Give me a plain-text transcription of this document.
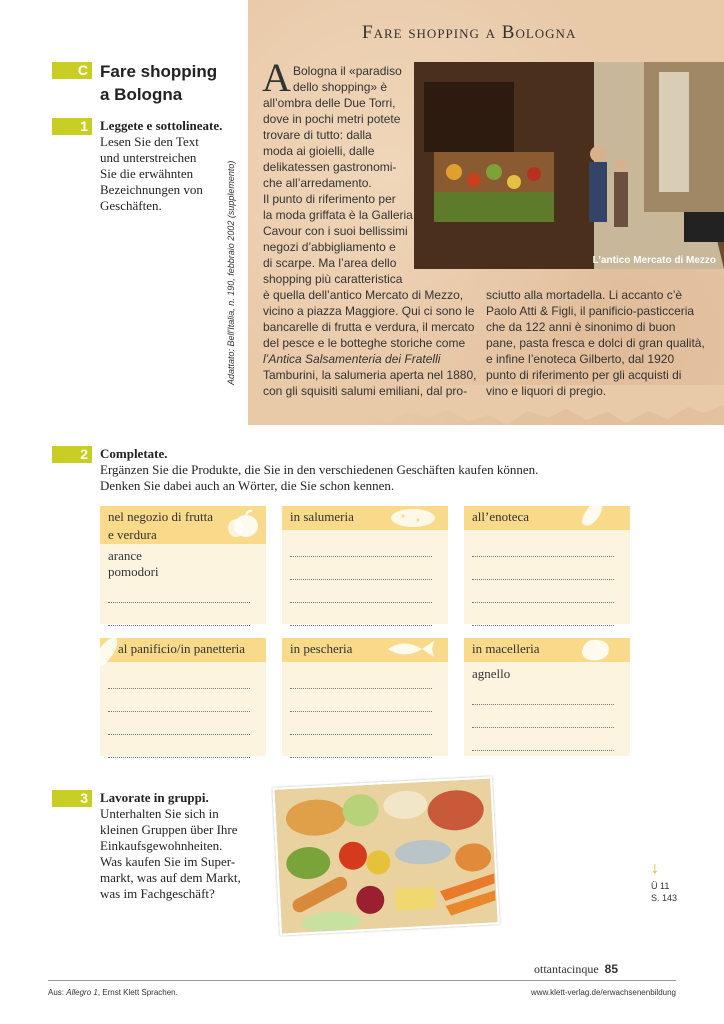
Fare shopping a Bologna
C Fare shopping
a Bologna
1 Leggete e sottolineate.
Lesen Sie den Text
und unterstreichen
Sie die erwähnten
Bezeichnungen von
Geschäften.	Adattato: Bell'Italia, n. 190, febbraio 2002 (supplemento)
A Bologna il «paradiso
dello shopping» è
all’ombra delle Due Torri,
dove in pochi metri potete
trovare di tutto: dalla
moda ai gioielli, dalle
delikatessen gastronomi-
che all’arredamento.
Il punto di riferimento per
la moda griffata è la Galleria
Cavour con i suoi bellissimi
negozi d’abbigliamento e
di scarpe. Ma l’area dello
shopping più caratteristica
è quella dell’antico Mercato di Mezzo,
vicino a piazza Maggiore. Qui ci sono le
bancarelle di frutta e verdura, il mercato
del pesce e le botteghe storiche come
l’Antica Salsamenteria dei Fratelli
Tamburini, la salumeria aperta nel 1880,
con gli squisiti salumi emiliani, dal pro-
sciutto alla mortadella. Li accanto c’è
Paolo Atti & Figli, il panificio-pasticceria
che da 122 anni è sinonimo di buon
pane, pasta fresca e dolci di gran qualità,
e infine l’enoteca Gilberto, dal 1920
punto di riferimento per gli acquisti di
vino e liquori di pregio.
L’antico Mercato di Mezzo
2 Completate.
Ergänzen Sie die Produkte, die Sie in den verschiedenen Geschäften kaufen können.
Denken Sie dabei auch an Wörter, die Sie schon kennen.
nel negozio di frutta
e verdura
arance
pomodori
in salumeria	all’enoteca
al panificio/in panetteria	in pescheria	in macelleria
agnello
3 Lavorate in gruppi.
Unterhalten Sie sich in
kleinen Gruppen über Ihre
Einkaufsgewohnheiten.
Was kaufen Sie im Super-
markt, was auf dem Markt,
was im Fachgeschäft?
↓
Ü 11
S. 143
ottantacinque 85
Aus: Allegro 1, Ernst Klett Sprachen.	www.klett-verlag.de/erwachsenenbildung
